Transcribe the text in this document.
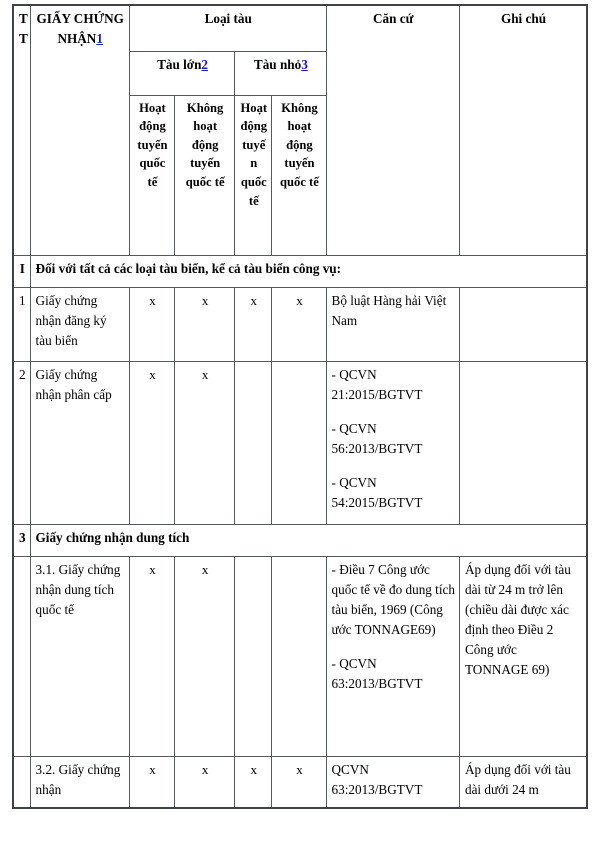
TT	GIẤY CHỨNG NHẬN1	Loại tàu				Căn cứ	Ghi chú
		Tàu lớn2		Tàu nhỏ3			
		Hoạt động tuyến quốc tế	Không hoạt động tuyến quốc tế	Hoạt động tuyến quốc tế	Không hoạt động tuyến quốc tế		
I	Đối với tất cả các loại tàu biển, kể cả tàu biển công vụ:						
1	Giấy chứng nhận đăng ký tàu biển	x	x	x	x	Bộ luật Hàng hải Việt Nam	

2	Giấy chứng nhận phân cấp	x	x			- QCVN 21:2015/BGTVT
- QCVN 56:2013/BGTVT
- QCVN 54:2015/BGTVT	

3	Giấy chứng nhận dung tích						
	3.1. Giấy chứng nhận dung tích quốc tế	x	x			- Điều 7 Công ước quốc tế về đo dung tích tàu biển, 1969 (Công ước TONNAGE69)
- QCVN 63:2013/BGTVT	Áp dụng đối với tàu dài từ 24 m trở lên (chiều dài được xác định theo Điều 2 Công ước TONNAGE 69)

	3.2. Giấy chứng nhận	x	x	x	x	QCVN 63:2013/BGTVT	Áp dụng đối với tàu dài dưới 24 m
